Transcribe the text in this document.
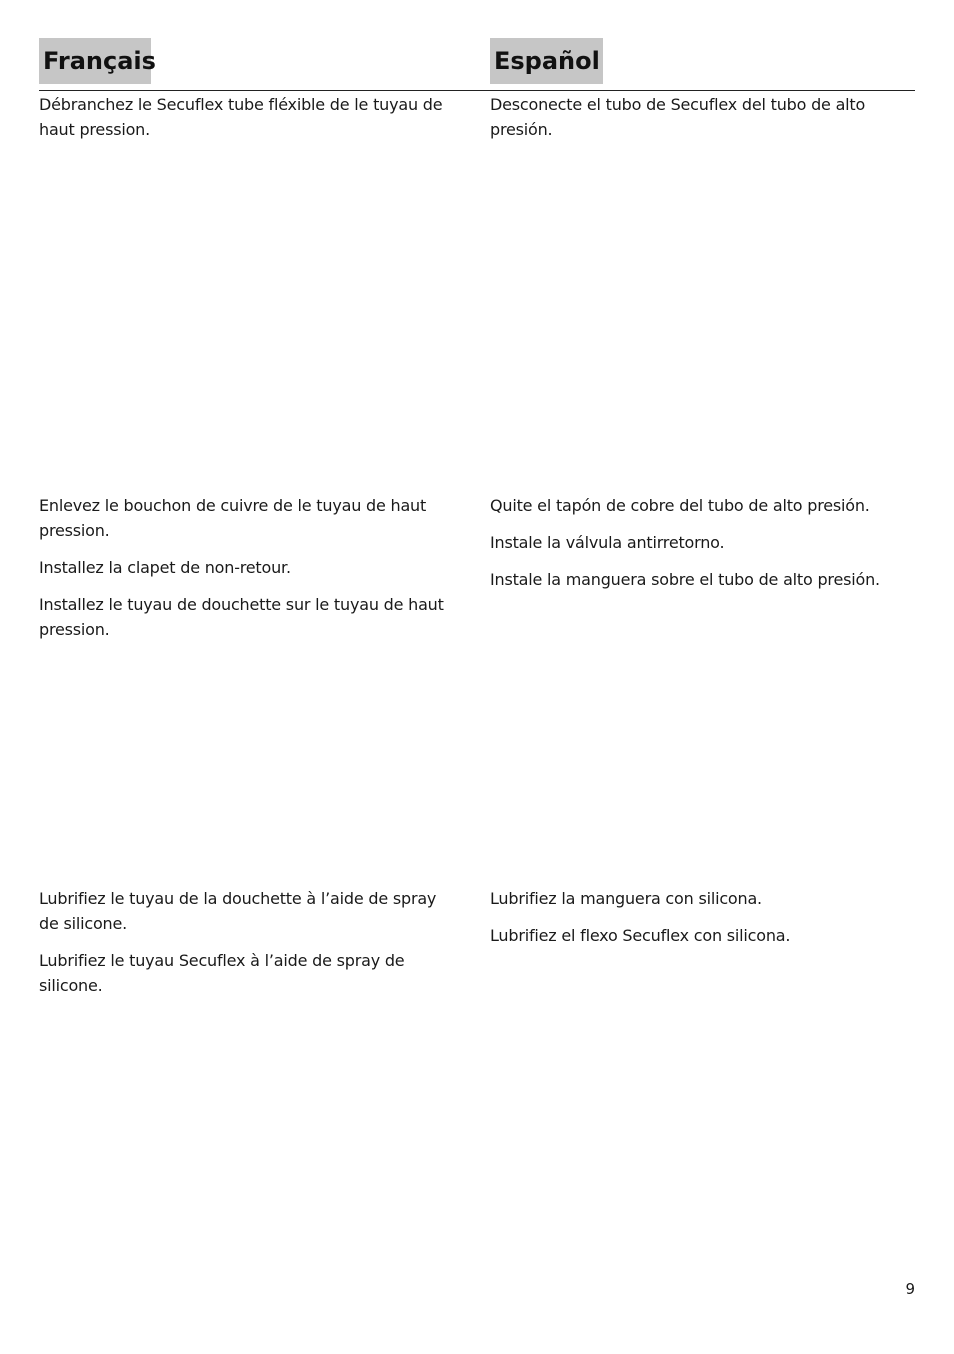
Français	Español

Débranchez le Secuflex tube fléxible de le tuyau de haut pression.

Desconecte el tubo de Secuflex del tubo de alto presión.

Enlevez le bouchon de cuivre de le tuyau de haut pression.

Installez la clapet de non-retour.

Installez le tuyau de douchette sur le tuyau de haut pression.

Quite el tapón de cobre del tubo de alto presión.

Instale la válvula antirretorno.

Instale la manguera sobre el tubo de alto presión.

Lubrifiez le tuyau de la douchette à l’aide de spray de silicone.

Lubrifiez le tuyau Secuflex à l’aide de spray de silicone.

Lubrifiez la manguera con silicona.

Lubrifiez el flexo Secuflex con silicona.

9
